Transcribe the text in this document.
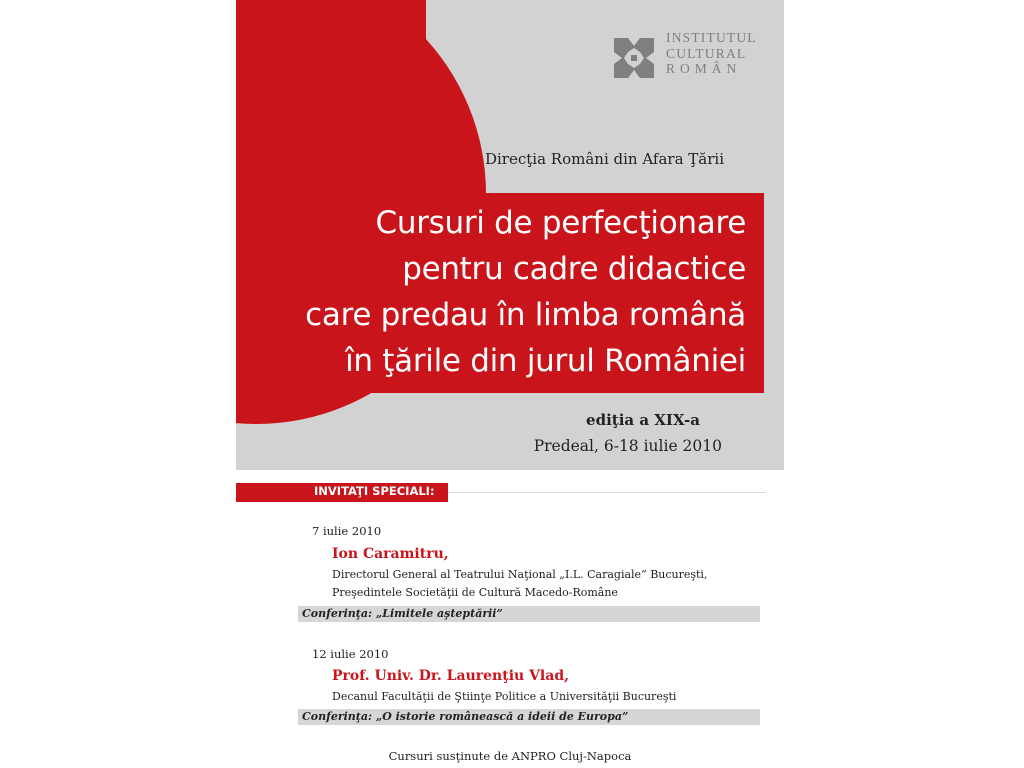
INSTITUTUL
CULTURAL
ROMÂN
Direcţia Români din Afara Ţării
Cursuri de perfecţionare
pentru cadre didactice
care predau în limba română
în ţările din jurul României
ediţia a XIX-a
Predeal, 6-18 iulie 2010
INVITAŢI SPECIALI:
7 iulie 2010
Ion Caramitru,
Directorul General al Teatrului Naţional „I.L. Caragiale” Bucureşti,
Preşedintele Societăţii de Cultură Macedo-Române
Conferinţa: „Limitele aşteptării”
12 iulie 2010
Prof. Univ. Dr. Laurenţiu Vlad,
Decanul Facultăţii de Ştiinţe Politice a Universităţii Bucureşti
Conferinţa: „O istorie românească a ideii de Europa”
Cursuri susţinute de ANPRO Cluj-Napoca
